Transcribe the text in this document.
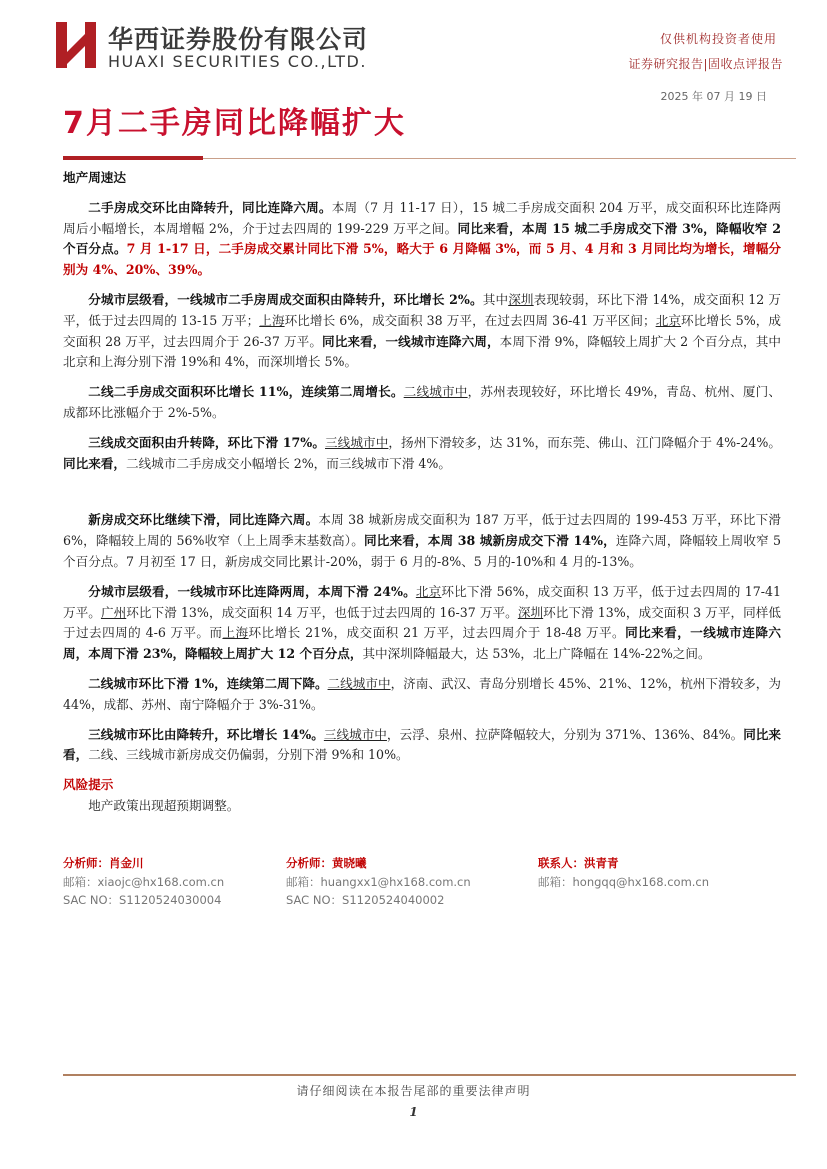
华西证券股份有限公司
HUAXI SECURITIES CO.,LTD.
仅供机构投资者使用
证券研究报告|固收点评报告
2025 年 07 月 19 日
7月二手房同比降幅扩大

地产周速达

二手房成交环比由降转升，同比连降六周。本周（7 月 11-17 日），15 城二手房成交面积 204 万平，成交面积环比连降两周后小幅增长，本周增幅 2%，介于过去四周的 199-229 万平之间。同比来看，本周 15 城二手房成交下滑 3%，降幅收窄 2 个百分点。7 月 1-17 日，二手房成交累计同比下滑 5%，略大于 6 月降幅 3%，而 5 月、4 月和 3 月同比均为增长，增幅分别为 4%、20%、39%。

分城市层级看，一线城市二手房周成交面积由降转升，环比增长 2%。其中深圳表现较弱，环比下滑 14%，成交面积 12 万平，低于过去四周的 13-15 万平；上海环比增长 6%，成交面积 38 万平，在过去四周 36-41 万平区间；北京环比增长 5%，成交面积 28 万平，过去四周介于 26-37 万平。同比来看，一线城市连降六周，本周下滑 9%，降幅较上周扩大 2 个百分点，其中北京和上海分别下滑 19%和 4%，而深圳增长 5%。

二线二手房成交面积环比增长 11%，连续第二周增长。二线城市中，苏州表现较好，环比增长 49%，青岛、杭州、厦门、成都环比涨幅介于 2%-5%。

三线成交面积由升转降，环比下滑 17%。三线城市中，扬州下滑较多，达 31%，而东莞、佛山、江门降幅介于 4%-24%。同比来看，二线城市二手房成交小幅增长 2%，而三线城市下滑 4%。

新房成交环比继续下滑，同比连降六周。本周 38 城新房成交面积为 187 万平，低于过去四周的 199-453 万平，环比下滑 6%，降幅较上周的 56%收窄（上上周季末基数高）。同比来看，本周 38 城新房成交下滑 14%，连降六周，降幅较上周收窄 5 个百分点。7 月初至 17 日，新房成交同比累计-20%，弱于 6 月的-8%、5 月的-10%和 4 月的-13%。

分城市层级看，一线城市环比连降两周，本周下滑 24%。北京环比下滑 56%，成交面积 13 万平，低于过去四周的 17-41 万平。广州环比下滑 13%，成交面积 14 万平，也低于过去四周的 16-37 万平。深圳环比下滑 13%，成交面积 3 万平，同样低于过去四周的 4-6 万平。而上海环比增长 21%，成交面积 21 万平，过去四周介于 18-48 万平。同比来看，一线城市连降六周，本周下滑 23%，降幅较上周扩大 12 个百分点，其中深圳降幅最大，达 53%，北上广降幅在 14%-22%之间。

二线城市环比下滑 1%，连续第二周下降。二线城市中，济南、武汉、青岛分别增长 45%、21%、12%，杭州下滑较多，为 44%，成都、苏州、南宁降幅介于 3%-31%。

三线城市环比由降转升，环比增长 14%。三线城市中，云浮、泉州、拉萨降幅较大，分别为 371%、136%、84%。同比来看，二线、三线城市新房成交仍偏弱，分别下滑 9%和 10%。

风险提示

地产政策出现超预期调整。

分析师：肖金川
邮箱：xiaojc@hx168.com.cn
SAC NO：S1120524030004
分析师：黄晓曦
邮箱：huangxx1@hx168.com.cn
SAC NO：S1120524040002
联系人：洪青青
邮箱：hongqq@hx168.com.cn
请仔细阅读在本报告尾部的重要法律声明
1
